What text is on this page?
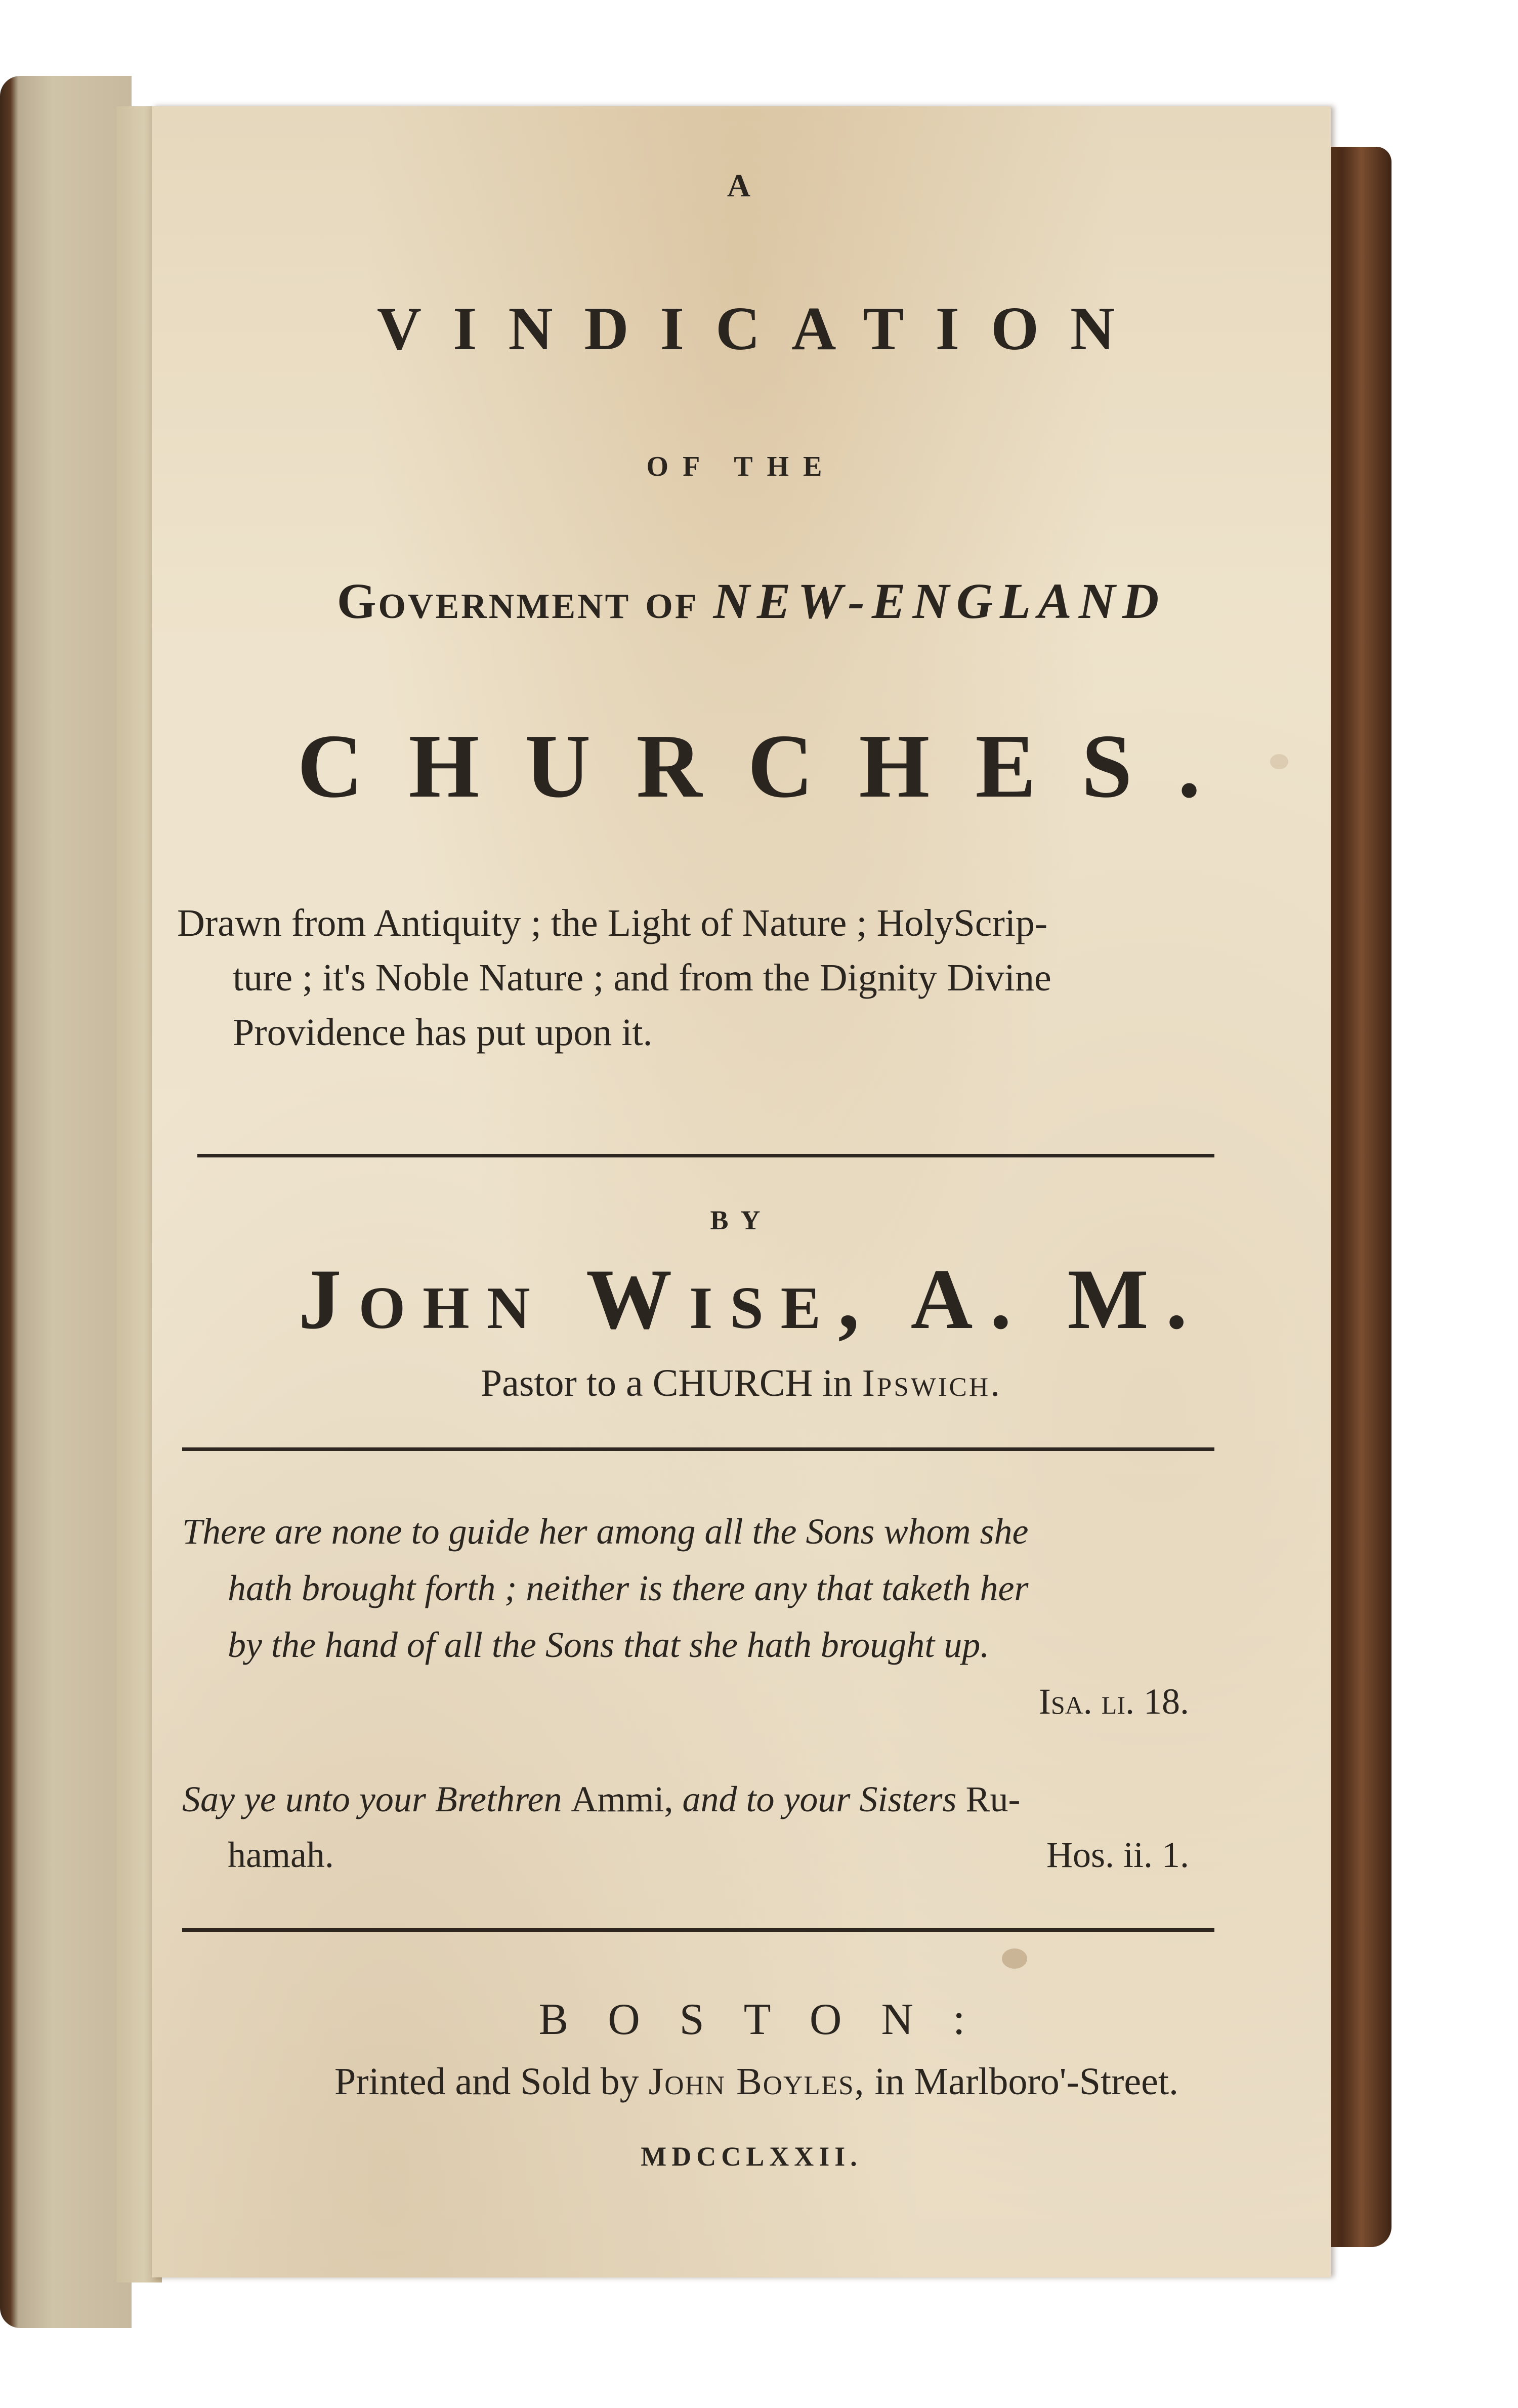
A
VINDICATION
OF THE
Government of NEW-ENGLAND
CHURCHES.
Drawn from Antiquity ; the Light of Nature ; HolyScrip-
ture ; it's Noble Nature ; and from the Dignity Divine
Providence has put upon it.
BY
John Wise, A. M.
Pastor to a CHURCH in Ipswich.
There are none to guide her among all the Sons whom she
hath brought forth ; neither is there any that taketh her
by the hand of all the Sons that she hath brought up.
Isa. li. 18.
Say ye unto your Brethren Ammi, and to your Sisters Ru-
hamah.	Hos. ii. 1.
BOSTON:
Printed and Sold by John Boyles, in Marlboro'-Street.
MDCCLXXII.
